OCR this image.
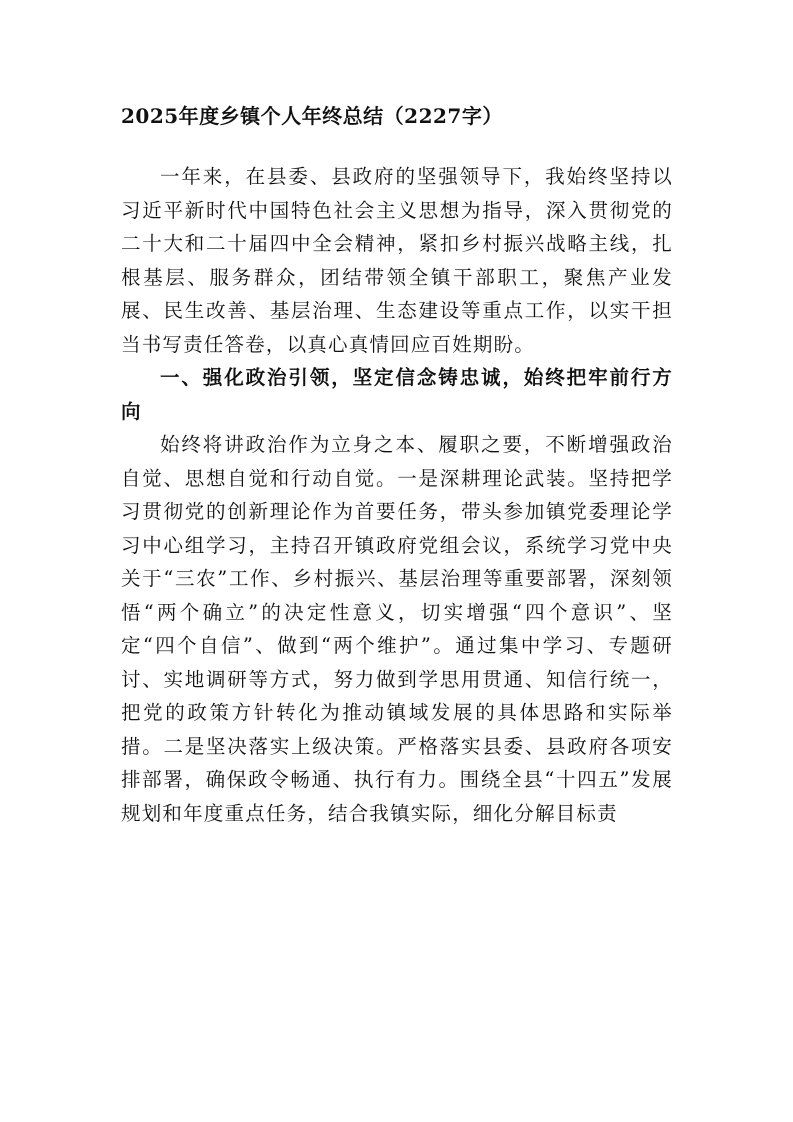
2025年度乡镇个人年终总结（2227字）

一年来，在县委、县政府的坚强领导下，我始终坚持以习近平新时代中国特色社会主义思想为指导，深入贯彻党的二十大和二十届四中全会精神，紧扣乡村振兴战略主线，扎根基层、服务群众，团结带领全镇干部职工，聚焦产业发展、民生改善、基层治理、生态建设等重点工作，以实干担当书写责任答卷，以真心真情回应百姓期盼。

一、强化政治引领，坚定信念铸忠诚，始终把牢前行方向

始终将讲政治作为立身之本、履职之要，不断增强政治自觉、思想自觉和行动自觉。一是深耕理论武装。坚持把学习贯彻党的创新理论作为首要任务，带头参加镇党委理论学习中心组学习，主持召开镇政府党组会议，系统学习党中央关于“三农”工作、乡村振兴、基层治理等重要部署，深刻领悟“两个确立”的决定性意义，切实增强“四个意识”、坚定“四个自信”、做到“两个维护”。通过集中学习、专题研讨、实地调研等方式，努力做到学思用贯通、知信行统一，把党的政策方针转化为推动镇域发展的具体思路和实际举措。二是坚决落实上级决策。严格落实县委、县政府各项安排部署，确保政令畅通、执行有力。围绕全县“十四五”发展规划和年度重点任务，结合我镇实际，细化分解目标责
